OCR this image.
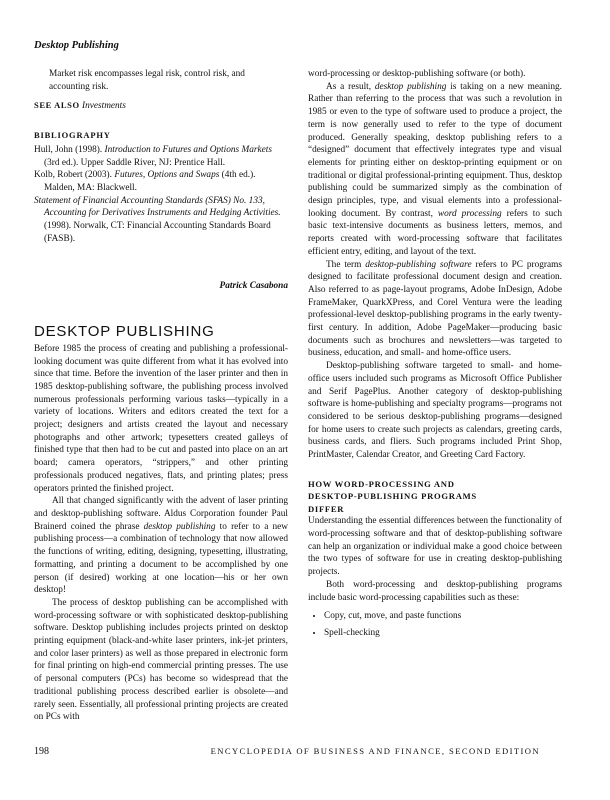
Desktop Publishing
Market risk encompasses legal risk, control risk, and
accounting risk.
SEE ALSO Investments
BIBLIOGRAPHY
Hull, John (1998). Introduction to Futures and Options Markets (3rd ed.). Upper Saddle River, NJ: Prentice Hall.
Kolb, Robert (2003). Futures, Options and Swaps (4th ed.). Malden, MA: Blackwell.
Statement of Financial Accounting Standards (SFAS) No. 133, Accounting for Derivatives Instruments and Hedging Activities. (1998). Norwalk, CT: Financial Accounting Standards Board (FASB).
Patrick Casabona
DESKTOP PUBLISHING

Before 1985 the process of creating and publishing a professional-looking document was quite different from what it has evolved into since that time. Before the invention of the laser printer and then in 1985 desktop-publishing software, the publishing process involved numerous professionals performing various tasks—typically in a variety of locations. Writers and editors created the text for a project; designers and artists created the layout and necessary photographs and other artwork; typesetters created galleys of finished type that then had to be cut and pasted into place on an art board; camera operators, “strippers,” and other printing professionals produced negatives, flats, and printing plates; press operators printed the finished project.

All that changed significantly with the advent of laser printing and desktop-publishing software. Aldus Corporation founder Paul Brainerd coined the phrase desktop publishing to refer to a new publishing process—a combination of technology that now allowed the functions of writing, editing, designing, typesetting, illustrating, formatting, and printing a document to be accomplished by one person (if desired) working at one location—his or her own desktop!

The process of desktop publishing can be accomplished with word-processing software or with sophisticated desktop-publishing software. Desktop publishing includes projects printed on desktop printing equipment (black-and-white laser printers, ink-jet printers, and color laser printers) as well as those prepared in electronic form for final printing on high-end commercial printing presses. The use of personal computers (PCs) has become so widespread that the traditional publishing process described earlier is obsolete—and rarely seen. Essentially, all professional printing projects are created on PCs with

word-processing or desktop-publishing software (or both).

As a result, desktop publishing is taking on a new meaning. Rather than referring to the process that was such a revolution in 1985 or even to the type of software used to produce a project, the term is now generally used to refer to the type of document produced. Generally speaking, desktop publishing refers to a “designed” document that effectively integrates type and visual elements for printing either on desktop-printing equipment or on traditional or digital professional-printing equipment. Thus, desktop publishing could be summarized simply as the combination of design principles, type, and visual elements into a professional-looking document. By contrast, word processing refers to such basic text-intensive documents as business letters, memos, and reports created with word-processing software that facilitates efficient entry, editing, and layout of the text.

The term desktop-publishing software refers to PC programs designed to facilitate professional document design and creation. Also referred to as page-layout programs, Adobe InDesign, Adobe FrameMaker, QuarkXPress, and Corel Ventura were the leading professional-level desktop-publishing programs in the early twenty-first century. In addition, Adobe PageMaker—producing basic documents such as brochures and newsletters—was targeted to business, education, and small- and home-office users.

Desktop-publishing software targeted to small- and home-office users included such programs as Microsoft Office Publisher and Serif PagePlus. Another category of desktop-publishing software is home-publishing and specialty programs—programs not considered to be serious desktop-publishing programs—designed for home users to create such projects as calendars, greeting cards, business cards, and fliers. Such programs included Print Shop, PrintMaster, Calendar Creator, and Greeting Card Factory.

HOW WORD-PROCESSING AND
DESKTOP-PUBLISHING PROGRAMS
DIFFER

Understanding the essential differences between the functionality of word-processing software and that of desktop-publishing software can help an organization or individual make a good choice between the two types of software for use in creating desktop-publishing projects.

Both word-processing and desktop-publishing programs include basic word-processing capabilities such as these:

• Copy, cut, move, and paste functions
• Spell-checking
198	ENCYCLOPEDIA OF BUSINESS AND FINANCE, SECOND EDITION
